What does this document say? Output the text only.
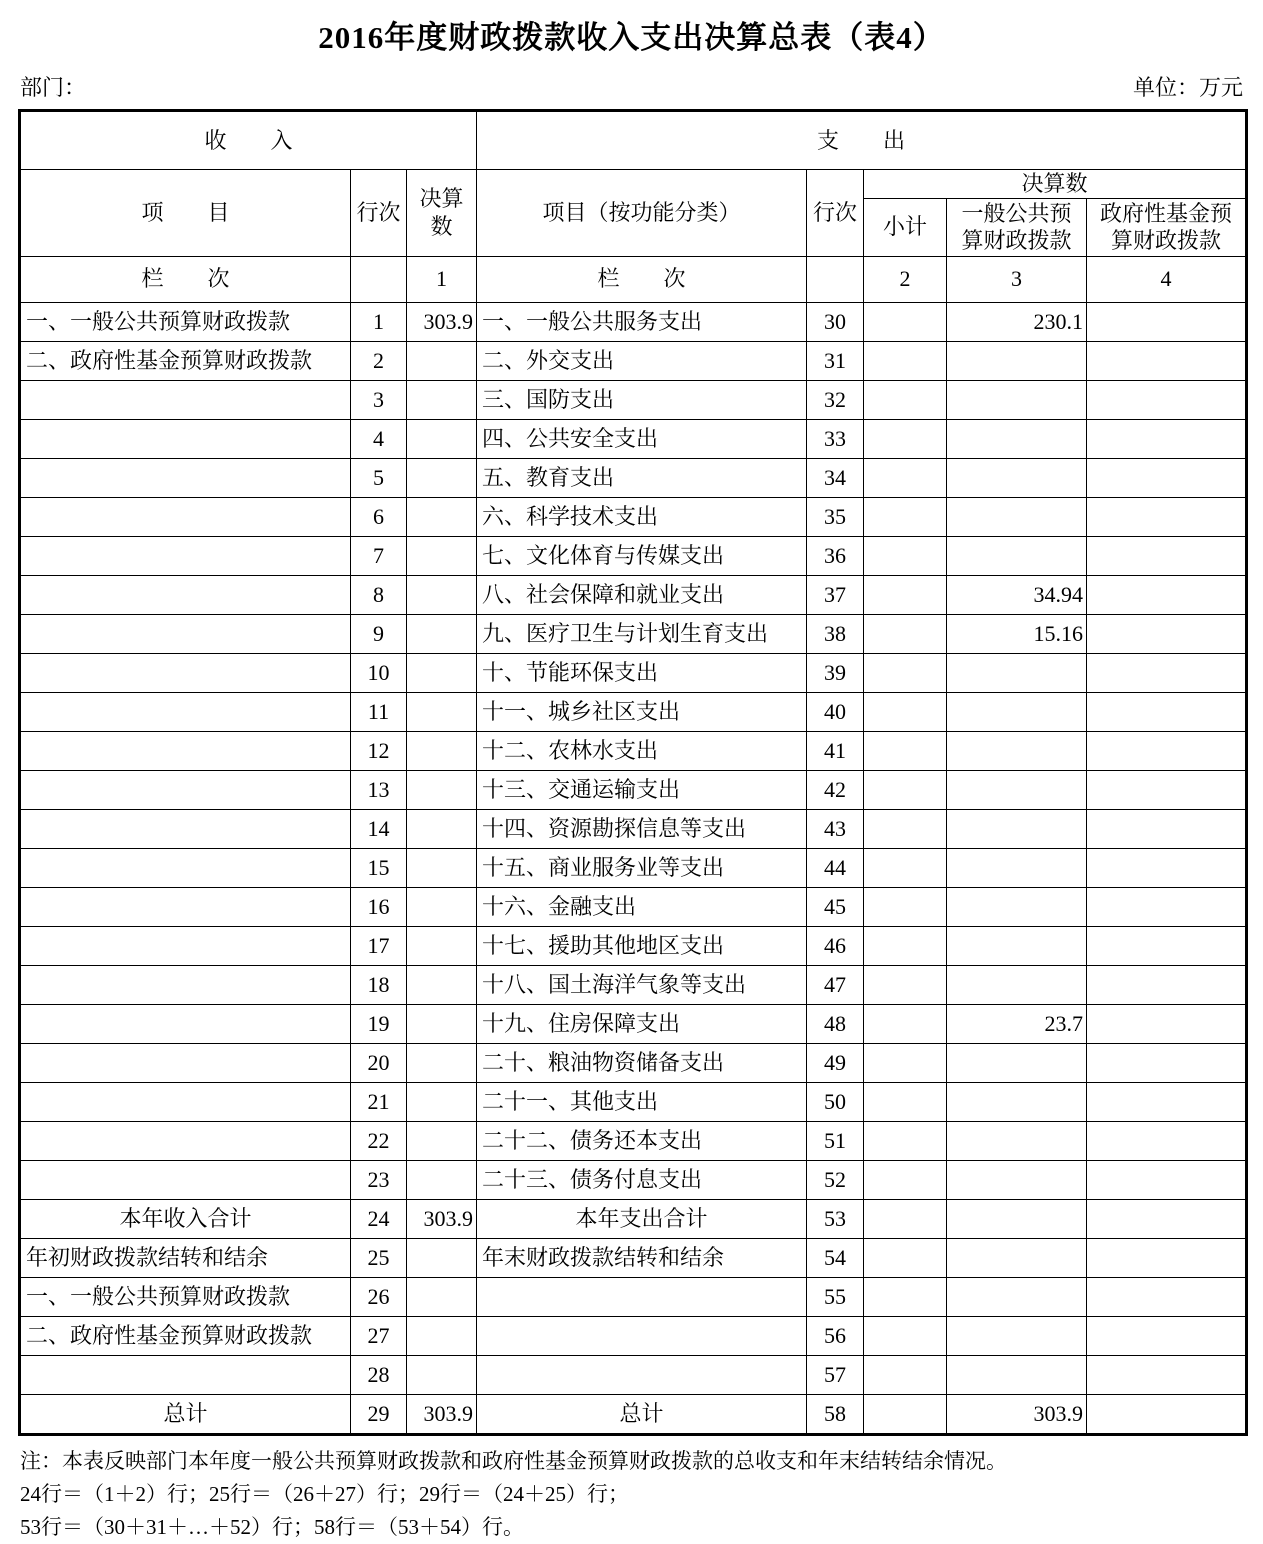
2016年度财政拨款收入支出决算总表（表4）
部门：	单位：万元
收　　入			支　　出				
项　　目	行次	决算数	项目（按功能分类）	行次	决算数		
					小计	一般公共预算财政拨款	政府性基金预算财政拨款
栏　　次		1	栏　　次		2	3	4
一、一般公共预算财政拨款	1	303.9	一、一般公共服务支出	30		230.1	
二、政府性基金预算财政拨款	2		二、外交支出	31			
	3		三、国防支出	32			
	4		四、公共安全支出	33			
	5		五、教育支出	34			
	6		六、科学技术支出	35			
	7		七、文化体育与传媒支出	36			
	8		八、社会保障和就业支出	37		34.94	
	9		九、医疗卫生与计划生育支出	38		15.16	
	10		十、节能环保支出	39			
	11		十一、城乡社区支出	40			
	12		十二、农林水支出	41			
	13		十三、交通运输支出	42			
	14		十四、资源勘探信息等支出	43			
	15		十五、商业服务业等支出	44			
	16		十六、金融支出	45			
	17		十七、援助其他地区支出	46			
	18		十八、国土海洋气象等支出	47			
	19		十九、住房保障支出	48		23.7	
	20		二十、粮油物资储备支出	49			
	21		二十一、其他支出	50			
	22		二十二、债务还本支出	51			
	23		二十三、债务付息支出	52			
本年收入合计	24	303.9	本年支出合计	53			
年初财政拨款结转和结余	25		年末财政拨款结转和结余	54			
一、一般公共预算财政拨款	26			55			
二、政府性基金预算财政拨款	27			56			
	28			57			
总计	29	303.9	总计	58		303.9	
注：本表反映部门本年度一般公共预算财政拨款和政府性基金预算财政拨款的总收支和年末结转结余情况。
24行＝（1＋2）行；25行＝（26＋27）行；29行＝（24＋25）行；
53行＝（30＋31＋…＋52）行；58行＝（53＋54）行。
